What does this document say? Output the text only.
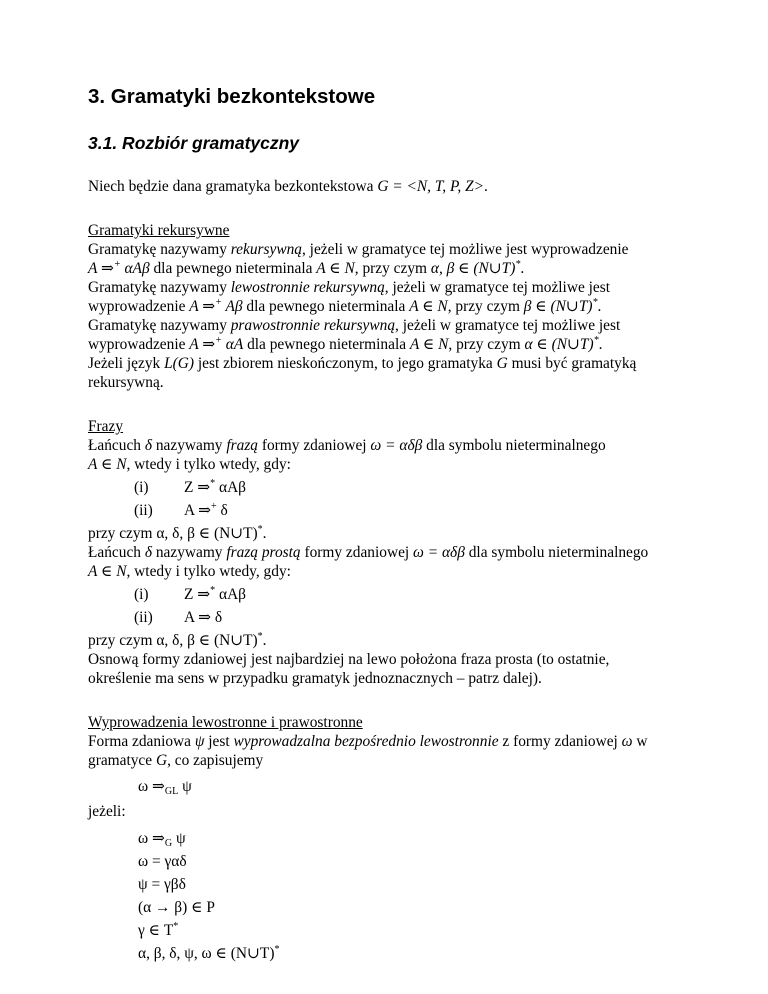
3. Gramatyki bezkontekstowe
3.1. Rozbiór gramatyczny
Niech będzie dana gramatyka bezkontekstowa G = <N, T, P, Z>.
Gramatyki rekursywne
Gramatykę nazywamy rekursywną, jeżeli w gramatyce tej możliwe jest wyprowadzenie
A ⇒+ αAβ dla pewnego nieterminala A ∈ N, przy czym α, β ∈ (N∪T)*.
Gramatykę nazywamy lewostronnie rekursywną, jeżeli w gramatyce tej możliwe jest
wyprowadzenie A ⇒+ Aβ dla pewnego nieterminala A ∈ N, przy czym β ∈ (N∪T)*.
Gramatykę nazywamy prawostronnie rekursywną, jeżeli w gramatyce tej możliwe jest
wyprowadzenie A ⇒+ αA dla pewnego nieterminala A ∈ N, przy czym α ∈ (N∪T)*.
Jeżeli język L(G) jest zbiorem nieskończonym, to jego gramatyka G musi być gramatyką
rekursywną.
Frazy
Łańcuch δ nazywamy frazą formy zdaniowej ω = αδβ dla symbolu nieterminalnego
A ∈ N, wtedy i tylko wtedy, gdy:
(i) Z ⇒* αAβ
(ii) A ⇒+ δ
przy czym α, δ, β ∈ (N∪T)*.
Łańcuch δ nazywamy frazą prostą formy zdaniowej ω = αδβ dla symbolu nieterminalnego
A ∈ N, wtedy i tylko wtedy, gdy:
(i) Z ⇒* αAβ
(ii) A ⇒ δ
przy czym α, δ, β ∈ (N∪T)*.
Osnową formy zdaniowej jest najbardziej na lewo położona fraza prosta (to ostatnie,
określenie ma sens w przypadku gramatyk jednoznacznych – patrz dalej).
Wyprowadzenia lewostronne i prawostronne
Forma zdaniowa ψ jest wyprowadzalna bezpośrednio lewostronnie z formy zdaniowej ω w
gramatyce G, co zapisujemy
ω $\Rightarrow_{GL}$ ψ
jeżeli:
ω $\Rightarrow_G$ ψ
ω = γαδ
ψ = γβδ
(α → β) ∈ P
γ ∈ T*
α, β, δ, ψ, ω ∈ (N∪T)*
